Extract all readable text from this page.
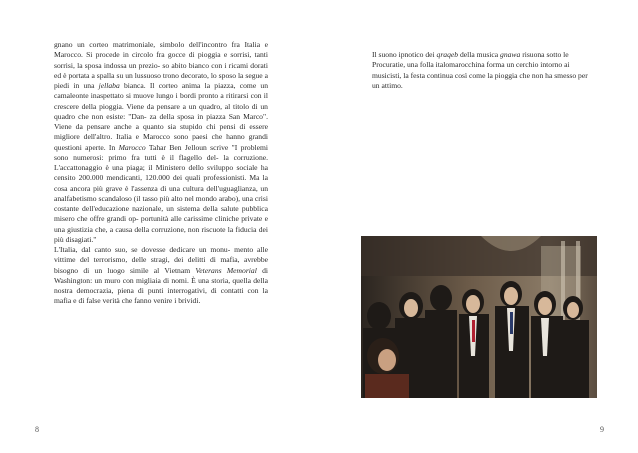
gnano un corteo matrimoniale, simbolo dell'incontro fra Italia e Marocco. Si procede in circolo fra gocce di pioggia e sorrisi, tanti sorrisi, la sposa indossa un prezio- so abito bianco con i ricami dorati ed è portata a spalla su un lussuoso trono decorato, lo sposo la segue a piedi in una jellaba bianca. Il corteo anima la piazza, come un camaleonte inaspettato si muove lungo i bordi pronto a ritirarsi con il crescere della pioggia. Viene da pensare a un quadro, al titolo di un quadro che non esiste: "Dan- za della sposa in piazza San Marco". Viene da pensare anche a quanto sia stupido chi pensi di essere migliore dell'altro. Italia e Marocco sono paesi che hanno grandi questioni aperte. In Marocco Tahar Ben Jelloun scrive "I problemi sono numerosi: primo fra tutti è il flagello del- la corruzione. L'accattonaggio è una piaga; il Ministero dello sviluppo sociale ha censito 200.000 mendicanti, 120.000 dei quali professionisti. Ma la cosa ancora più grave è l'assenza di una cultura dell'uguaglianza, un analfabetismo scandaloso (il tasso più alto nel mondo arabo), una crisi costante dell'educazione nazionale, un sistema della salute pubblica misero che offre grandi op- portunità alle carissime cliniche private e una giustizia che, a causa della corruzione, non riscuote la fiducia dei più disagiati."

L'Italia, dal canto suo, se dovesse dedicare un monu- mento alle vittime del terrorismo, delle stragi, dei delitti di mafia, avrebbe bisogno di un luogo simile al Vietnam Veterans Memorial di Washington: un muro con migliaia di nomi. È una storia, quella della nostra democrazia, piena di punti interrogativi, di contatti con la mafia e di false verità che fanno venire i brividi.

Il suono ipnotico dei qraqeb della musica gnawa risuona sotto le Procuratie, una folla italomarocchina forma un cerchio intorno ai musicisti, la festa continua così come la pioggia che non ha smesso per un attimo.

8	9
